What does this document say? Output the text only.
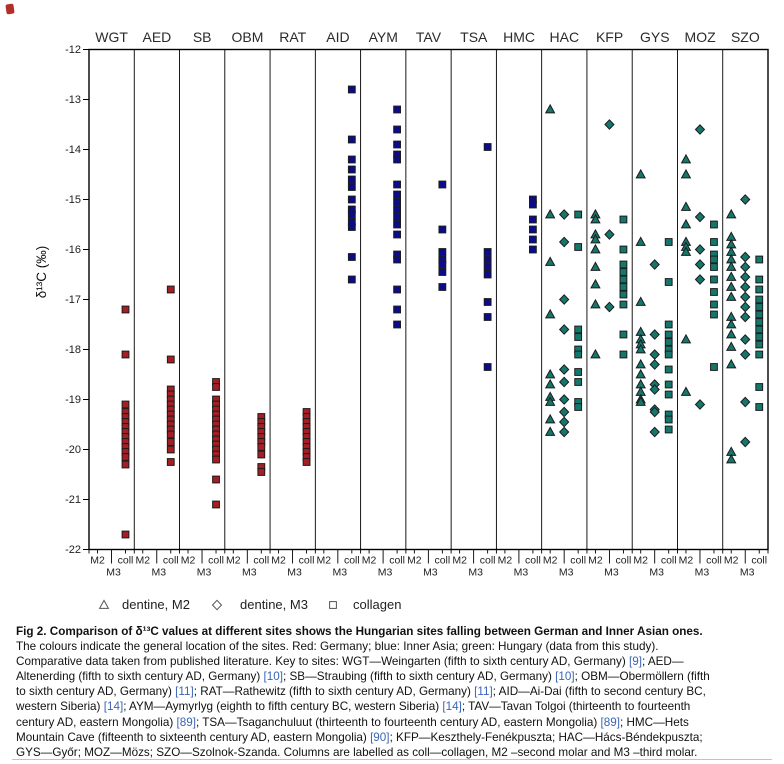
-12
-13
-14
-15
-16
-17
-18
-19
-20
-21
-22
δ¹³C (‰)
WGT AED SB OBM RAT AID AYM TAV TSA HMC HAC KFP GYS MOZ SZO
M2
M3
coll M2
M3
coll M2
M3
coll M2
M3
coll M2
M3
coll M2
M3
coll M2
M3
coll M2
M3
coll M2
M3
coll M2
M3
coll M2
M3
coll M2
M3
coll M2
M3
coll M2
M3
coll M2
M3
coll
dentine, M2	dentine, M3	collagen
Fig 2. Comparison of δ¹³C values at different sites shows the Hungarian sites falling between German and Inner Asian ones.
The colours indicate the general location of the sites. Red: Germany; blue: Inner Asia; green: Hungary (data from this study).
Comparative data taken from published literature. Key to sites: WGT—Weingarten (fifth to sixth century AD, Germany) [9]; AED—
Altenerding (fifth to sixth century AD, Germany) [10]; SB—Straubing (fifth to sixth century AD, Germany) [10]; OBM—Obermöllern (fifth
to sixth century AD, Germany) [11]; RAT—Rathewitz (fifth to sixth century AD, Germany) [11]; AID—Ai-Dai (fifth to second century BC,
western Siberia) [14]; AYM—Aymyrlyg (eighth to fifth century BC, western Siberia) [14]; TAV—Tavan Tolgoi (thirteenth to fourteenth
century AD, eastern Mongolia) [89]; TSA—Tsaganchuluut (thirteenth to fourteenth century AD, eastern Mongolia) [89]; HMC—Hets
Mountain Cave (fifteenth to sixteenth century AD, eastern Mongolia) [90]; KFP—Keszthely-Fenékpuszta; HAC—Hács-Béndekpuszta;
GYS—Győr; MOZ—Mözs; SZO—Szolnok-Szanda. Columns are labelled as coll—collagen, M2 –second molar and M3 –third molar.
